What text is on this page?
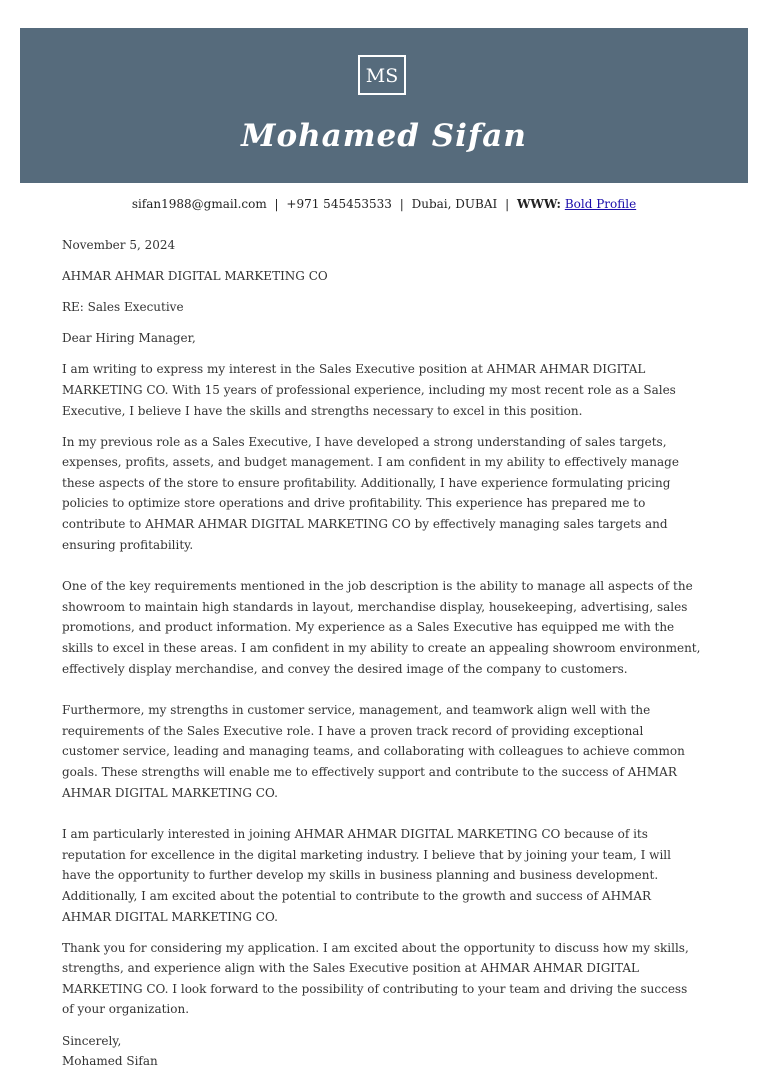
MS
Mohamed Sifan
sifan1988@gmail.com | +971 545453533 | Dubai, DUBAI | WWW: Bold Profile

November 5, 2024

AHMAR AHMAR DIGITAL MARKETING CO

RE: Sales Executive

Dear Hiring Manager,

I am writing to express my interest in the Sales Executive position at AHMAR AHMAR DIGITAL MARKETING CO. With 15 years of professional experience, including my most recent role as a Sales Executive, I believe I have the skills and strengths necessary to excel in this position.

In my previous role as a Sales Executive, I have developed a strong understanding of sales targets, expenses, profits, assets, and budget management. I am confident in my ability to effectively manage these aspects of the store to ensure profitability. Additionally, I have experience formulating pricing policies to optimize store operations and drive profitability. This experience has prepared me to contribute to AHMAR AHMAR DIGITAL MARKETING CO by effectively managing sales targets and ensuring profitability.

One of the key requirements mentioned in the job description is the ability to manage all aspects of the showroom to maintain high standards in layout, merchandise display, housekeeping, advertising, sales promotions, and product information. My experience as a Sales Executive has equipped me with the skills to excel in these areas. I am confident in my ability to create an appealing showroom environment, effectively display merchandise, and convey the desired image of the company to customers.

Furthermore, my strengths in customer service, management, and teamwork align well with the requirements of the Sales Executive role. I have a proven track record of providing exceptional customer service, leading and managing teams, and collaborating with colleagues to achieve common goals. These strengths will enable me to effectively support and contribute to the success of AHMAR AHMAR DIGITAL MARKETING CO.

I am particularly interested in joining AHMAR AHMAR DIGITAL MARKETING CO because of its reputation for excellence in the digital marketing industry. I believe that by joining your team, I will have the opportunity to further develop my skills in business planning and business development. Additionally, I am excited about the potential to contribute to the growth and success of AHMAR AHMAR DIGITAL MARKETING CO.

Thank you for considering my application. I am excited about the opportunity to discuss how my skills, strengths, and experience align with the Sales Executive position at AHMAR AHMAR DIGITAL MARKETING CO. I look forward to the possibility of contributing to your team and driving the success of your organization.

Sincerely,

Mohamed Sifan
